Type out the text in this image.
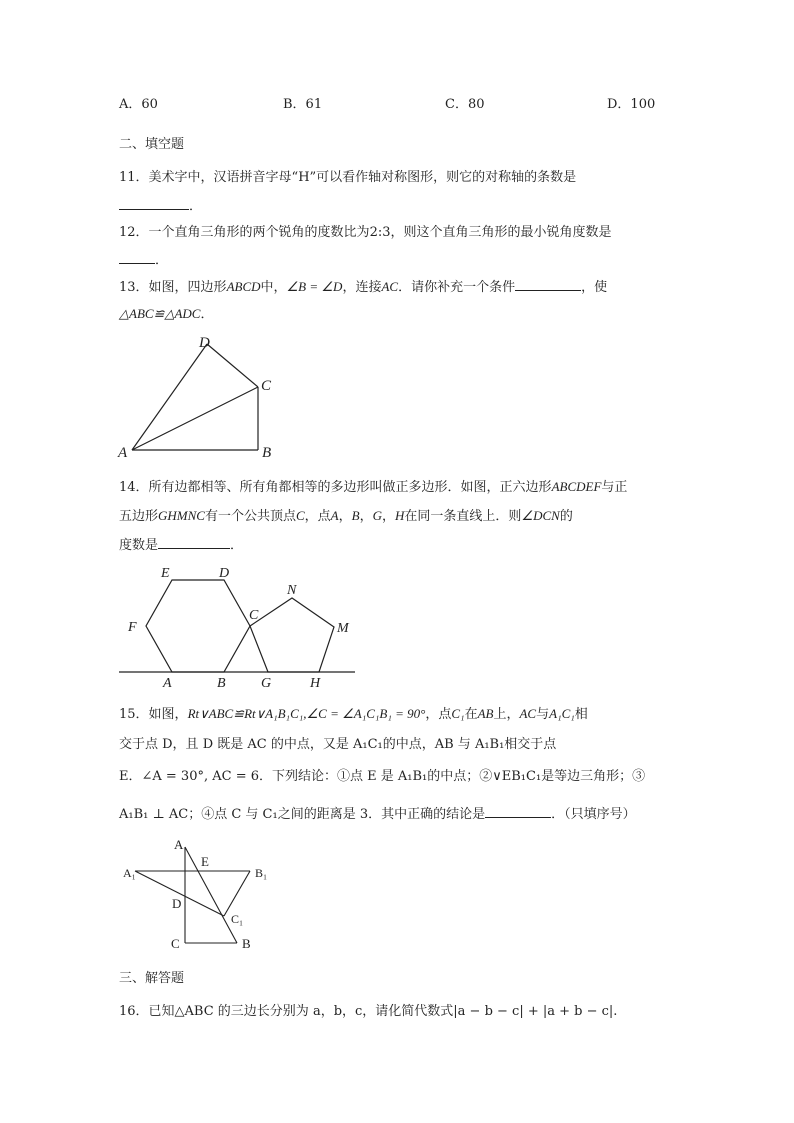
A．60	B．61	C．80	D．100
二、填空题
11．美术字中，汉语拼音字母“H”可以看作轴对称图形，则它的对称轴的条数是
．
12．一个直角三角形的两个锐角的度数比为2:3，则这个直角三角形的最小锐角度数是
．
13．如图，四边形ABCD中，∠B = ∠D，连接AC．请你补充一个条件	，使
△ABC≌△ADC．
A	B
C
D
14．所有边都相等、所有角都相等的多边形叫做正多边形．如图，正六边形ABCDEF与正
五边形GHMNC有一个公共顶点C，点A，B，G，H在同一条直线上．则∠DCN的
度数是	．
E	D
F
C
N
M
A	B	G	H
15．如图，Rt∨ABC≌Rt∨A₁B₁C₁,∠C = ∠A₁C₁B₁ = 90°，点C₁在AB上，AC与A₁C₁相
交于点 D，且 D 既是 AC 的中点，又是 A₁C₁的中点，AB 与 A₁B₁相交于点
E．∠A = 30°, AC = 6．下列结论：①点 E 是 A₁B₁的中点；②∨EB₁C₁是等边三角形；③
A₁B₁ ⊥ AC；④点 C 与 C₁之间的距离是 3．其中正确的结论是	．（只填序号）
A
E
A₁	B₁
D
C₁
C	B
三、解答题
16．已知△ABC 的三边长分别为 a，b，c，请化简代数式|a − b − c| + |a + b − c|.
